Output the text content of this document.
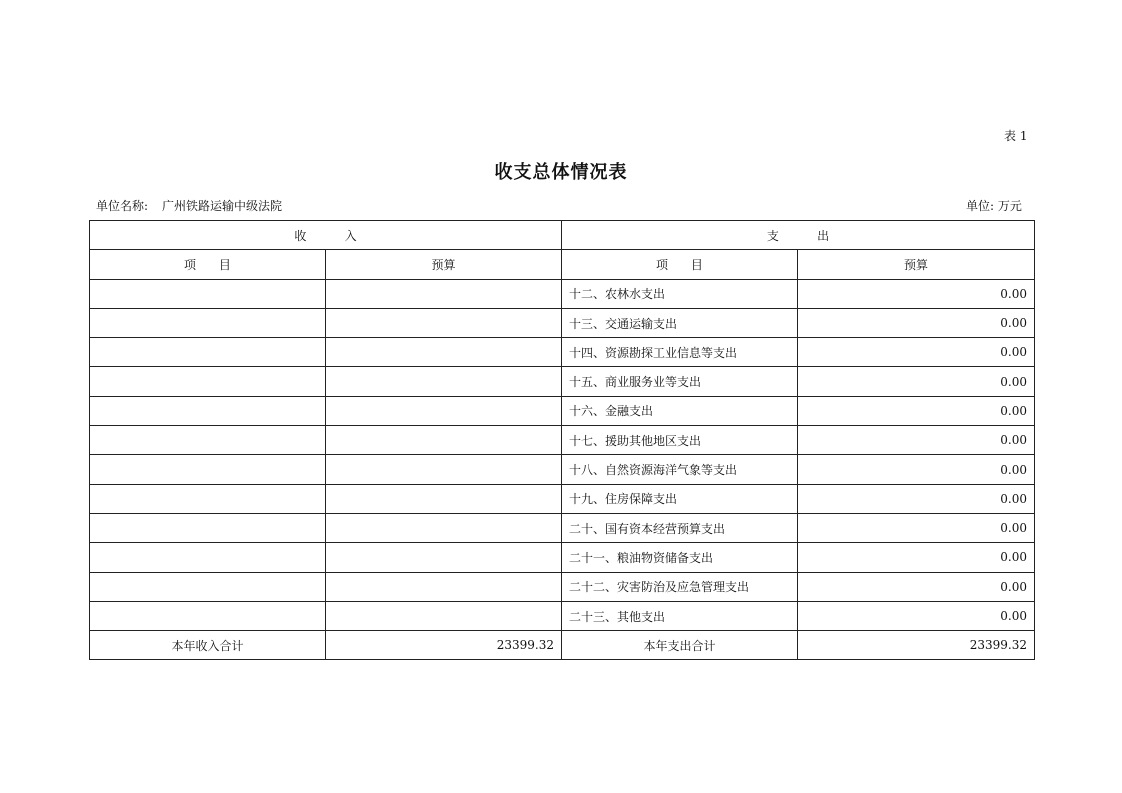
表 1
收支总体情况表
单位名称: 广州铁路运输中级法院	单位: 万元
收          入		支          出	
项      目	预算	项      目	预算
		十二、农林水支出	0.00
		十三、交通运输支出	0.00
		十四、资源勘探工业信息等支出	0.00
		十五、商业服务业等支出	0.00
		十六、金融支出	0.00
		十七、援助其他地区支出	0.00
		十八、自然资源海洋气象等支出	0.00
		十九、住房保障支出	0.00
		二十、国有资本经营预算支出	0.00
		二十一、粮油物资储备支出	0.00
		二十二、灾害防治及应急管理支出	0.00
		二十三、其他支出	0.00
本年收入合计	23399.32	本年支出合计	23399.32
